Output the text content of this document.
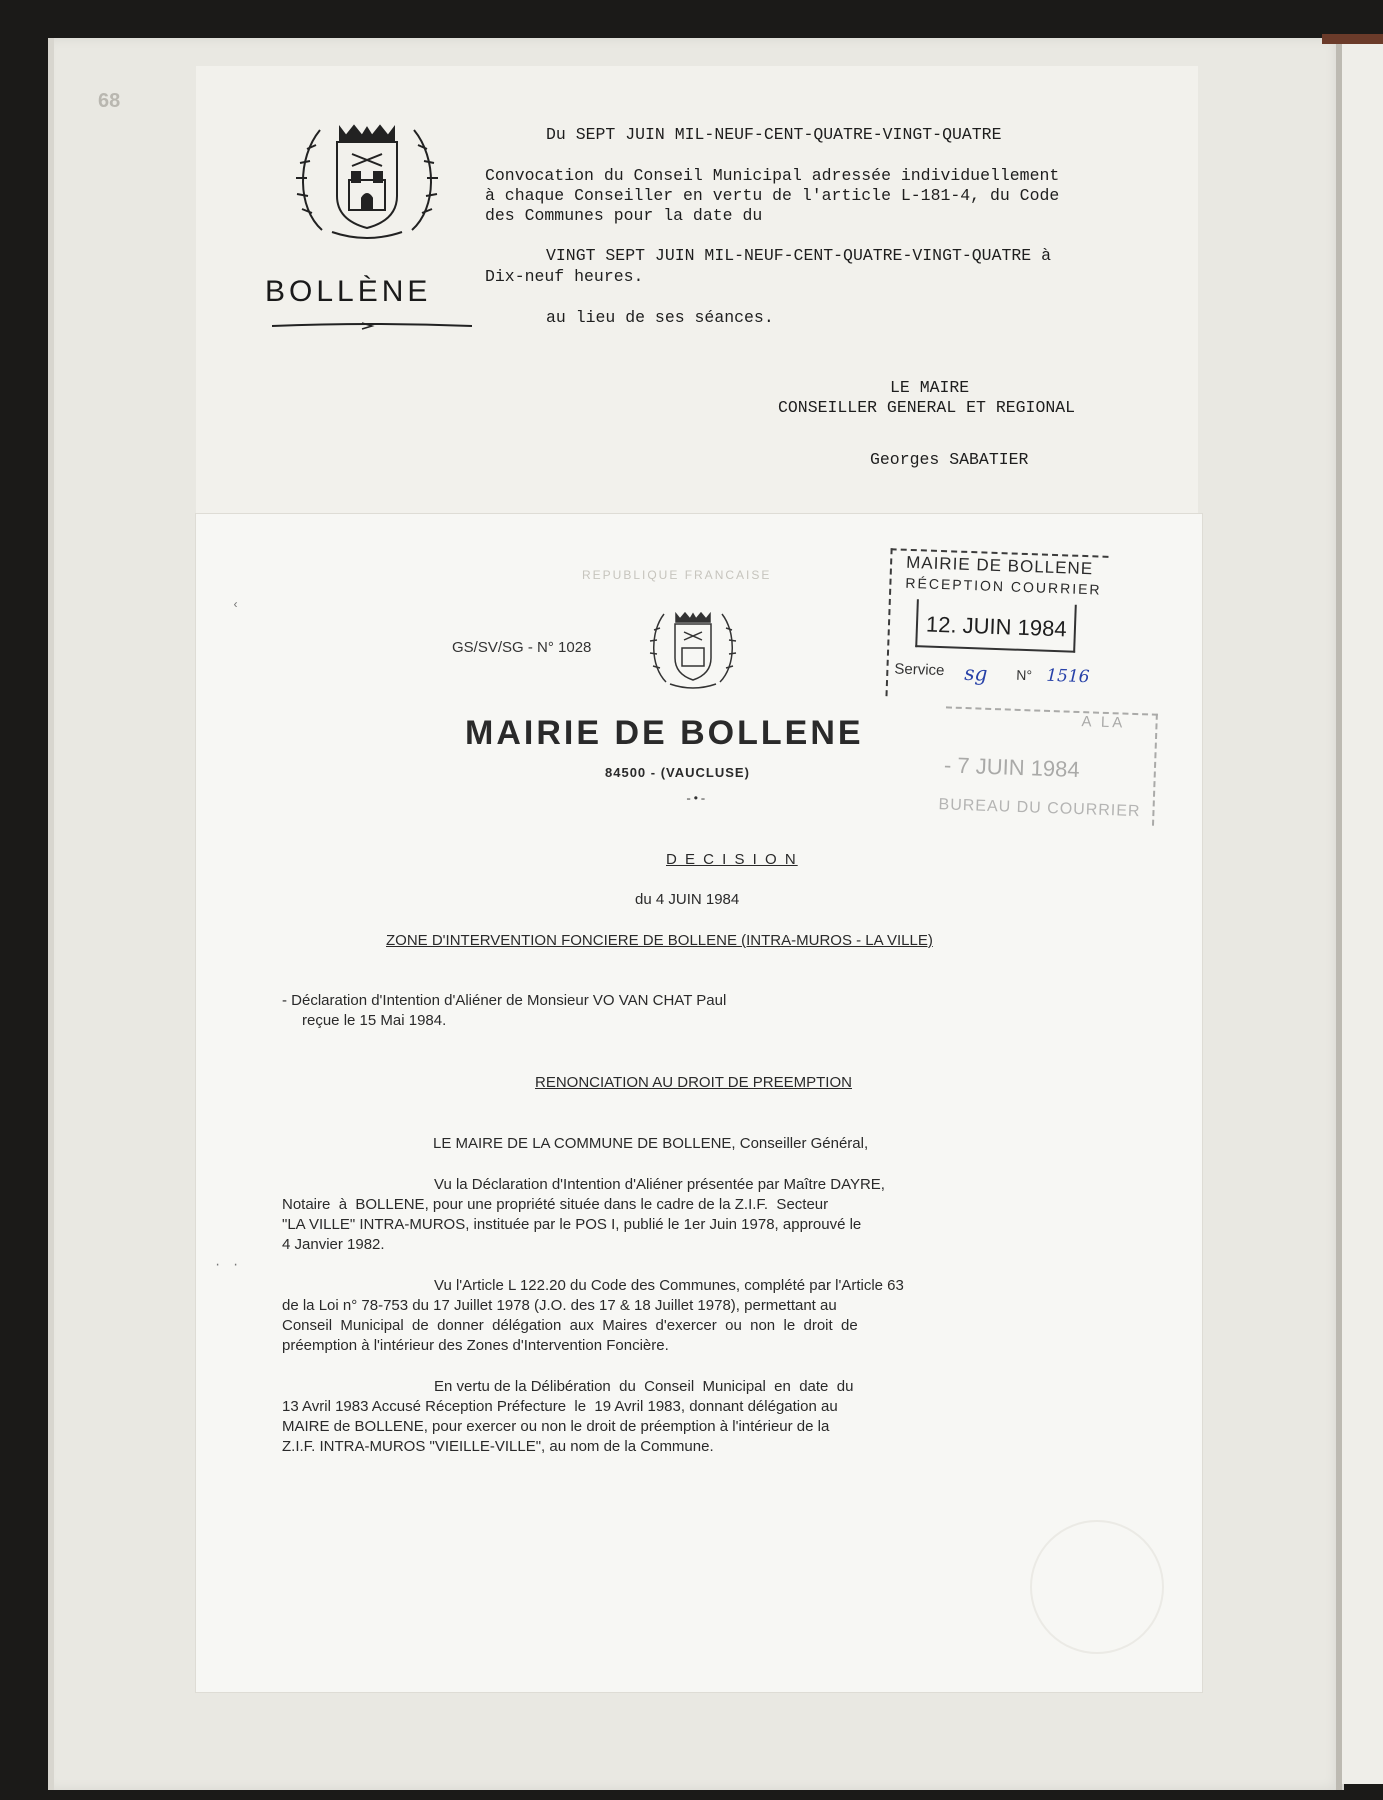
68
BOLLÈNE
Du SEPT JUIN MIL-NEUF-CENT-QUATRE-VINGT-QUATRE
Convocation du Conseil Municipal adressée individuellement
à chaque Conseiller en vertu de l'article L-181-4, du Code
des Communes pour la date du
VINGT SEPT JUIN MIL-NEUF-CENT-QUATRE-VINGT-QUATRE à
Dix-neuf heures.
au lieu de ses séances.
LE MAIRE
CONSEILLER GENERAL ET REGIONAL
Georges SABATIER
REPUBLIQUE FRANCAISE
GS/SV/SG - N° 1028
MAIRIE DE BOLLENE
84500 - (VAUCLUSE)
-•-
MAIRIE DE BOLLENE
RÉCEPTION COURRIER
12. JUIN 1984
Service sg N° 1516
A LA
- 7 JUIN 1984
BUREAU DU COURRIER
D E C I S I O N
du 4 JUIN 1984
ZONE D'INTERVENTION FONCIERE DE BOLLENE (INTRA-MUROS - LA VILLE)
- Déclaration d'Intention d'Aliéner de Monsieur VO VAN CHAT Paul
reçue le 15 Mai 1984.
RENONCIATION AU DROIT DE PREEMPTION
LE MAIRE DE LA COMMUNE DE BOLLENE, Conseiller Général,
Vu la Déclaration d'Intention d'Aliéner présentée par Maître DAYRE,
Notaire  à  BOLLENE, pour une propriété située dans le cadre de la Z.I.F.  Secteur
"LA VILLE" INTRA-MUROS, instituée par le POS I, publié le 1er Juin 1978, approuvé le
4 Janvier 1982.
Vu l'Article L 122.20 du Code des Communes, complété par l'Article 63
de la Loi n° 78-753 du 17 Juillet 1978 (J.O. des 17 & 18 Juillet 1978), permettant au
Conseil  Municipal  de  donner  délégation  aux  Maires  d'exercer  ou  non  le  droit  de
préemption à l'intérieur des Zones d'Intervention Foncière.
En vertu de la Délibération  du  Conseil  Municipal  en  date  du
13 Avril 1983 Accusé Réception Préfecture  le  19 Avril 1983, donnant délégation au
MAIRE de BOLLENE, pour exercer ou non le droit de préemption à l'intérieur de la
Z.I.F. INTRA-MUROS "VIEILLE-VILLE", au nom de la Commune.
‹
· ·
